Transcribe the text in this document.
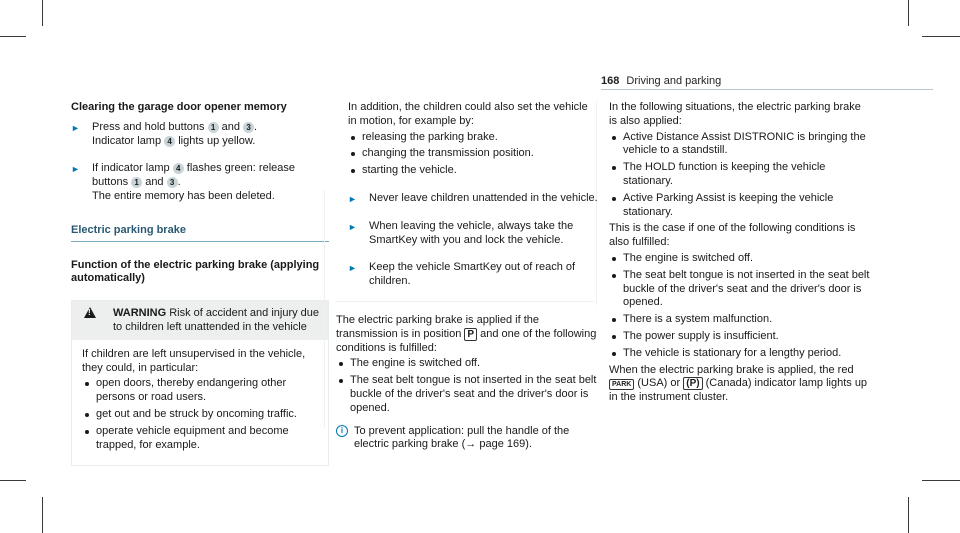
168 Driving and parking
Clearing the garage door opener memory
► Press and hold buttons 1 and 3 .
Indicator lamp 4 lights up yellow.
► If indicator lamp 4 flashes green: release buttons 1 and 3 .
The entire memory has been deleted.
Electric parking brake
Function of the electric parking brake (applying automatically)
!
WARNING Risk of accident and injury due to children left unattended in the vehicle

If children are left unsupervised in the vehicle, they could, in particular:

open doors, thereby endangering other persons or road users.
get out and be struck by oncoming traffic.
operate vehicle equipment and become trapped, for example.

In addition, the children could also set the vehicle in motion, for example by:

releasing the parking brake.
changing the transmission position.
starting the vehicle.
► Never leave children unattended in the vehicle.
► When leaving the vehicle, always take the SmartKey with you and lock the vehicle.
► Keep the vehicle SmartKey out of reach of children.

The electric parking brake is applied if the transmission is in position P and one of the following conditions is fulfilled:

The engine is switched off.
The seat belt tongue is not inserted in the seat belt buckle of the driver's seat and the driver's door is opened.
i To prevent application: pull the handle of the electric parking brake (→ page 169).

In the following situations, the electric parking brake is also applied:

Active Distance Assist DISTRONIC is bringing the vehicle to a standstill.
The HOLD function is keeping the vehicle stationary.
Active Parking Assist is keeping the vehicle stationary.

This is the case if one of the following conditions is also fulfilled:

The engine is switched off.
The seat belt tongue is not inserted in the seat belt buckle of the driver's seat and the driver's door is opened.
There is a system malfunction.
The power supply is insufficient.
The vehicle is stationary for a lengthy period.

When the electric parking brake is applied, the red PARK (USA) or (P) (Canada) indicator lamp lights up in the instrument cluster.
